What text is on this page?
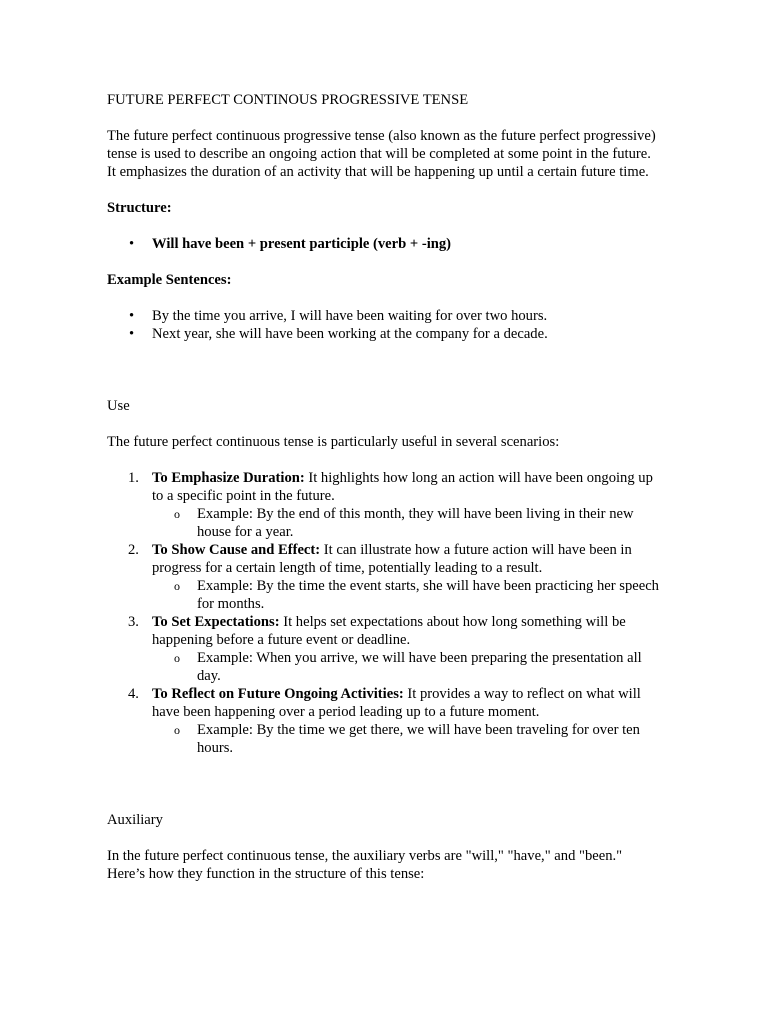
FUTURE PERFECT CONTINOUS PROGRESSIVE TENSE

The future perfect continuous progressive tense (also known as the future perfect progressive) tense is used to describe an ongoing action that will be completed at some point in the future. It emphasizes the duration of an activity that will be happening up until a certain future time.

Structure:

• Will have been + present participle (verb + -ing)

Example Sentences:

• By the time you arrive, I will have been waiting for over two hours.
• Next year, she will have been working at the company for a decade.

Use

The future perfect continuous tense is particularly useful in several scenarios:

1. To Emphasize Duration: It highlights how long an action will have been ongoing up to a specific point in the future.
o Example: By the end of this month, they will have been living in their new house for a year.
2. To Show Cause and Effect: It can illustrate how a future action will have been in progress for a certain length of time, potentially leading to a result.
o Example: By the time the event starts, she will have been practicing her speech for months.
3. To Set Expectations: It helps set expectations about how long something will be happening before a future event or deadline.
o Example: When you arrive, we will have been preparing the presentation all day.
4. To Reflect on Future Ongoing Activities: It provides a way to reflect on what will have been happening over a period leading up to a future moment.
o Example: By the time we get there, we will have been traveling for over ten hours.

Auxiliary

In the future perfect continuous tense, the auxiliary verbs are "will," "have," and "been." Here’s how they function in the structure of this tense:
